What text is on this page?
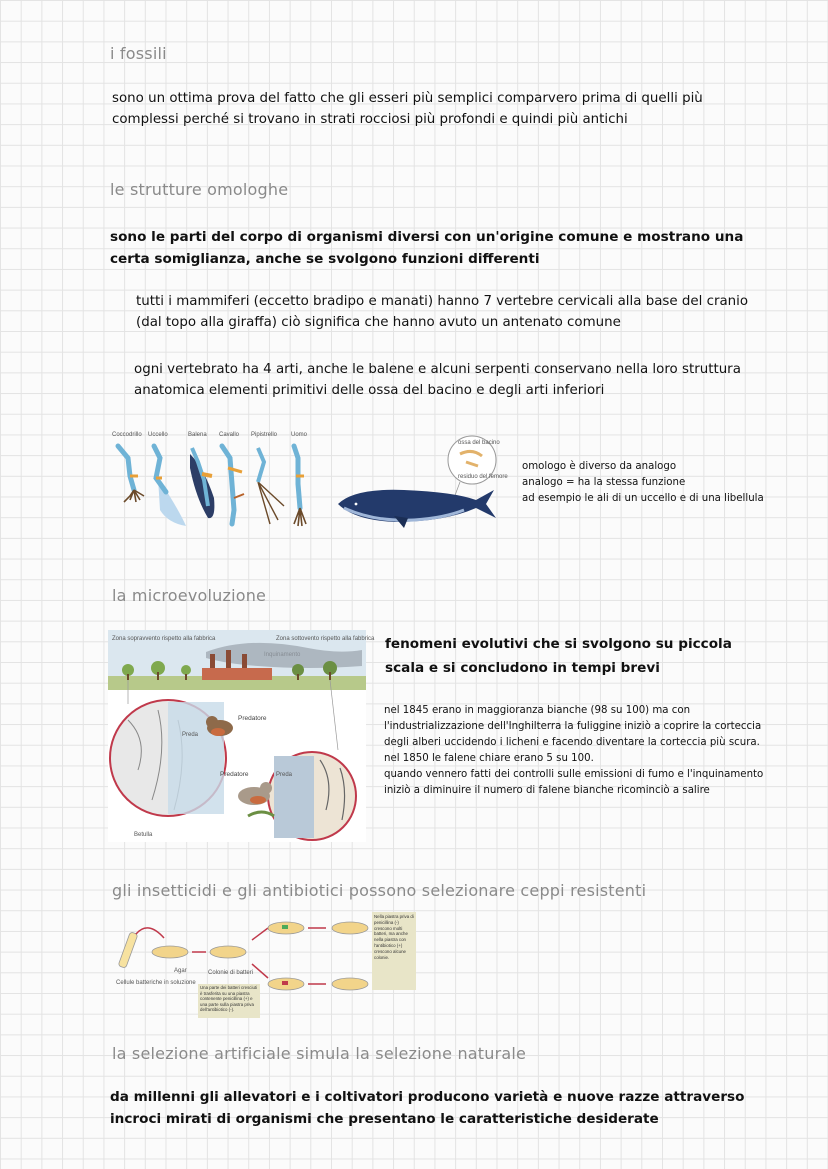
i fossili
sono un ottima prova del fatto che gli esseri più semplici comparvero prima di quelli più complessi perché si trovano in strati rocciosi più profondi e quindi più antichi
le strutture omologhe
sono le parti del corpo di organismi diversi con un'origine comune e mostrano una certa somiglianza, anche se svolgono funzioni differenti
tutti i mammiferi (eccetto bradipo e manati) hanno 7 vertebre cervicali alla base del cranio (dal topo alla giraffa) ciò significa che hanno avuto un antenato comune
ogni vertebrato ha 4 arti, anche le balene e alcuni serpenti conservano nella loro struttura anatomica elementi primitivi delle ossa del bacino e degli arti inferiori
Coccodrillo Uccello	Balena Cavallo Pipistrello Uomo
ossa del bacino
residuo del femore
omologo è diverso da analogo
analogo = ha la stessa funzione
ad esempio le ali di un uccello e di una libellula
la microevoluzione
Zona sopravvento rispetto alla fabbrica	Zona sottovento rispetto alla fabbrica
Preda
Predatore
Preda
Predatore
Betulla
fenomeni evolutivi che si svolgono su piccola scala e si concludono in tempi brevi
nel 1845 erano in maggioranza bianche (98 su 100) ma con
l'industrializzazione dell'Inghilterra la fuliggine iniziò a coprire la corteccia
degli alberi uccidendo i licheni e facendo diventare la corteccia più scura.
nel 1850 le falene chiare erano 5 su 100.
quando vennero fatti dei controlli sulle emissioni di fumo e l'inquinamento
iniziò a diminuire il numero di falene bianche ricominciò a salire
gli insetticidi e gli antibiotici possono selezionare ceppi resistenti
Cellule batteriche in soluzione
Agar	Colonie di batteri
Una parte dei batteri cresciuti è trasferita su una piastra contenente penicillina (+) e una parte sulla piastra priva dell'antibiotico (-).
Nella piastra priva di penicillina (-) crescono molti batteri, ma anche nella piastra con l'antibiotico (+) crescono alcune colonie.
la selezione artificiale simula la selezione naturale
da millenni gli allevatori e i coltivatori producono varietà e nuove razze attraverso incroci mirati di organismi che presentano le caratteristiche desiderate
